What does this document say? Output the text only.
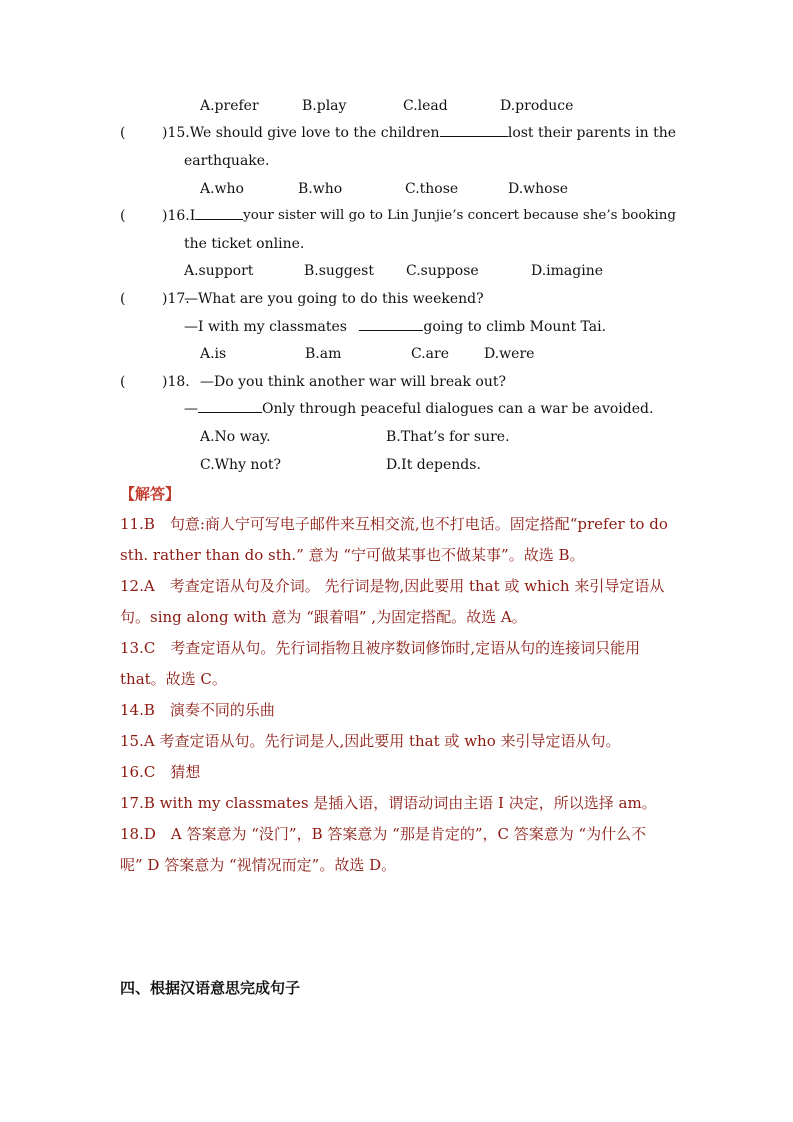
A.prefer	B.play	C.lead	D.produce
(	)15. We should give love to the children	lost their parents in the
earthquake.
A.who	B.who	C.those	D.whose
(	)16.I	your sister will go to Lin Junjie’s concert because she’s booking
the ticket online.
A.support	B.suggest C.suppose	D.imagine
(	)17.
—What are you going to do this weekend?
—I with my classmates	going to climb Mount Tai.
A.is	B.am	C.are	D.were
(	)18. —Do you think another war will break out?
—	Only through peaceful dialogues can a war be avoided.
A.No way.	B.That’s for sure.
C.Why not?	D.It depends.
【解答】
11.B　句意:商人宁可写电子邮件来互相交流,也不打电话。固定搭配“prefer to do
sth. rather than do sth.” 意为 “宁可做某事也不做某事”。故选 B。
12.A　考查定语从句及介词。 先行词是物,因此要用 that 或 which 来引导定语从
句。sing along with 意为 “跟着唱” ,为固定搭配。故选 A。
13.C　考查定语从句。先行词指物且被序数词修饰时,定语从句的连接词只能用
that。故选 C。
14.B　演奏不同的乐曲
15.A 考查定语从句。先行词是人,因此要用 that 或 who 来引导定语从句。
16.C　猜想
17.B with my classmates 是插入语，谓语动词由主语 I 决定，所以选择 am。
18.D　A 答案意为 “没门”，B 答案意为 “那是肯定的”，C 答案意为 “为什么不
呢” D 答案意为 “视情况而定”。故选 D。
四、根据汉语意思完成句子
